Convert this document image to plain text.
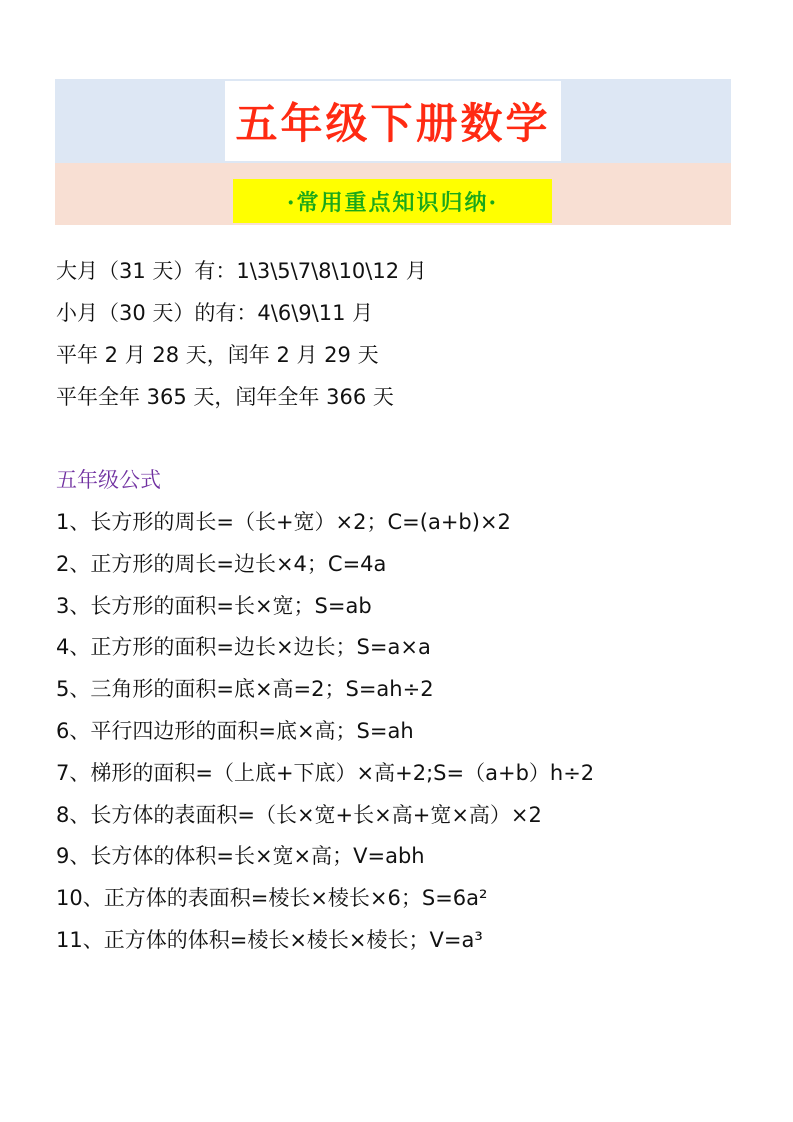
五年级下册数学
·常用重点知识归纳·
大月（31 天）有：1\3\5\7\8\10\12 月
小月（30 天）的有：4\6\9\11 月
平年 2 月 28 天，闰年 2 月 29 天
平年全年 365 天，闰年全年 366 天
五年级公式
1、长方形的周长=（长+宽）×2；C=(a+b)×2
2、正方形的周长=边长×4；C=4a
3、长方形的面积=长×宽；S=ab
4、正方形的面积=边长×边长；S=a×a
5、三角形的面积=底×高=2；S=ah÷2
6、平行四边形的面积=底×高；S=ah
7、梯形的面积=（上底+下底）×高+2;S=（a+b）h÷2
8、长方体的表面积=（长×宽+长×高+宽×高）×2
9、长方体的体积=长×宽×高；V=abh
10、正方体的表面积=棱长×棱长×6；S=6a²
11、正方体的体积=棱长×棱长×棱长；V=a³
